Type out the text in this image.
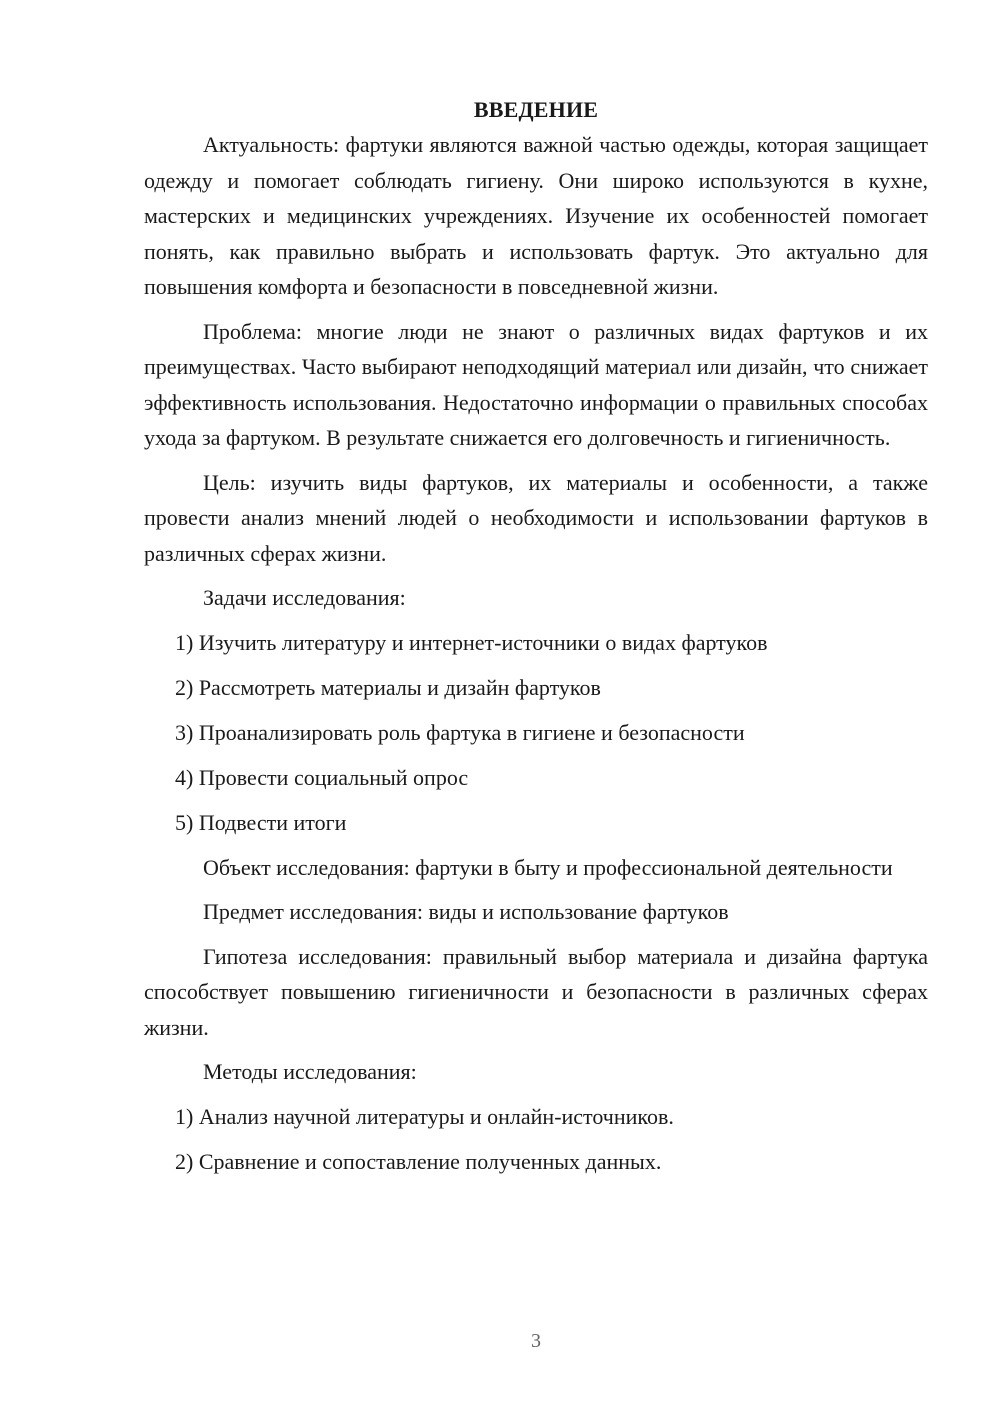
ВВЕДЕНИЕ

Актуальность: фартуки являются важной частью одежды, которая защищает одежду и помогает соблюдать гигиену. Они широко используются в кухне, мастерских и медицинских учреждениях. Изучение их особенностей помогает понять, как правильно выбрать и использовать фартук. Это актуально для повышения комфорта и безопасности в повседневной жизни.

Проблема: многие люди не знают о различных видах фартуков и их преимуществах. Часто выбирают неподходящий материал или дизайн, что снижает эффективность использования. Недостаточно информации о правильных способах ухода за фартуком. В результате снижается его долговечность и гигиеничность.

Цель: изучить виды фартуков, их материалы и особенности, а также провести анализ мнений людей о необходимости и использовании фартуков в различных сферах жизни.

Задачи исследования:

1) Изучить литературу и интернет-источники о видах фартуков

2) Рассмотреть материалы и дизайн фартуков

3) Проанализировать роль фартука в гигиене и безопасности

4) Провести социальный опрос

5) Подвести итоги

Объект исследования: фартуки в быту и профессиональной деятельности

Предмет исследования: виды и использование фартуков

Гипотеза исследования: правильный выбор материала и дизайна фартука способствует повышению гигиеничности и безопасности в различных сферах жизни.

Методы исследования:

1) Анализ научной литературы и онлайн-источников.

2) Сравнение и сопоставление полученных данных.

3
